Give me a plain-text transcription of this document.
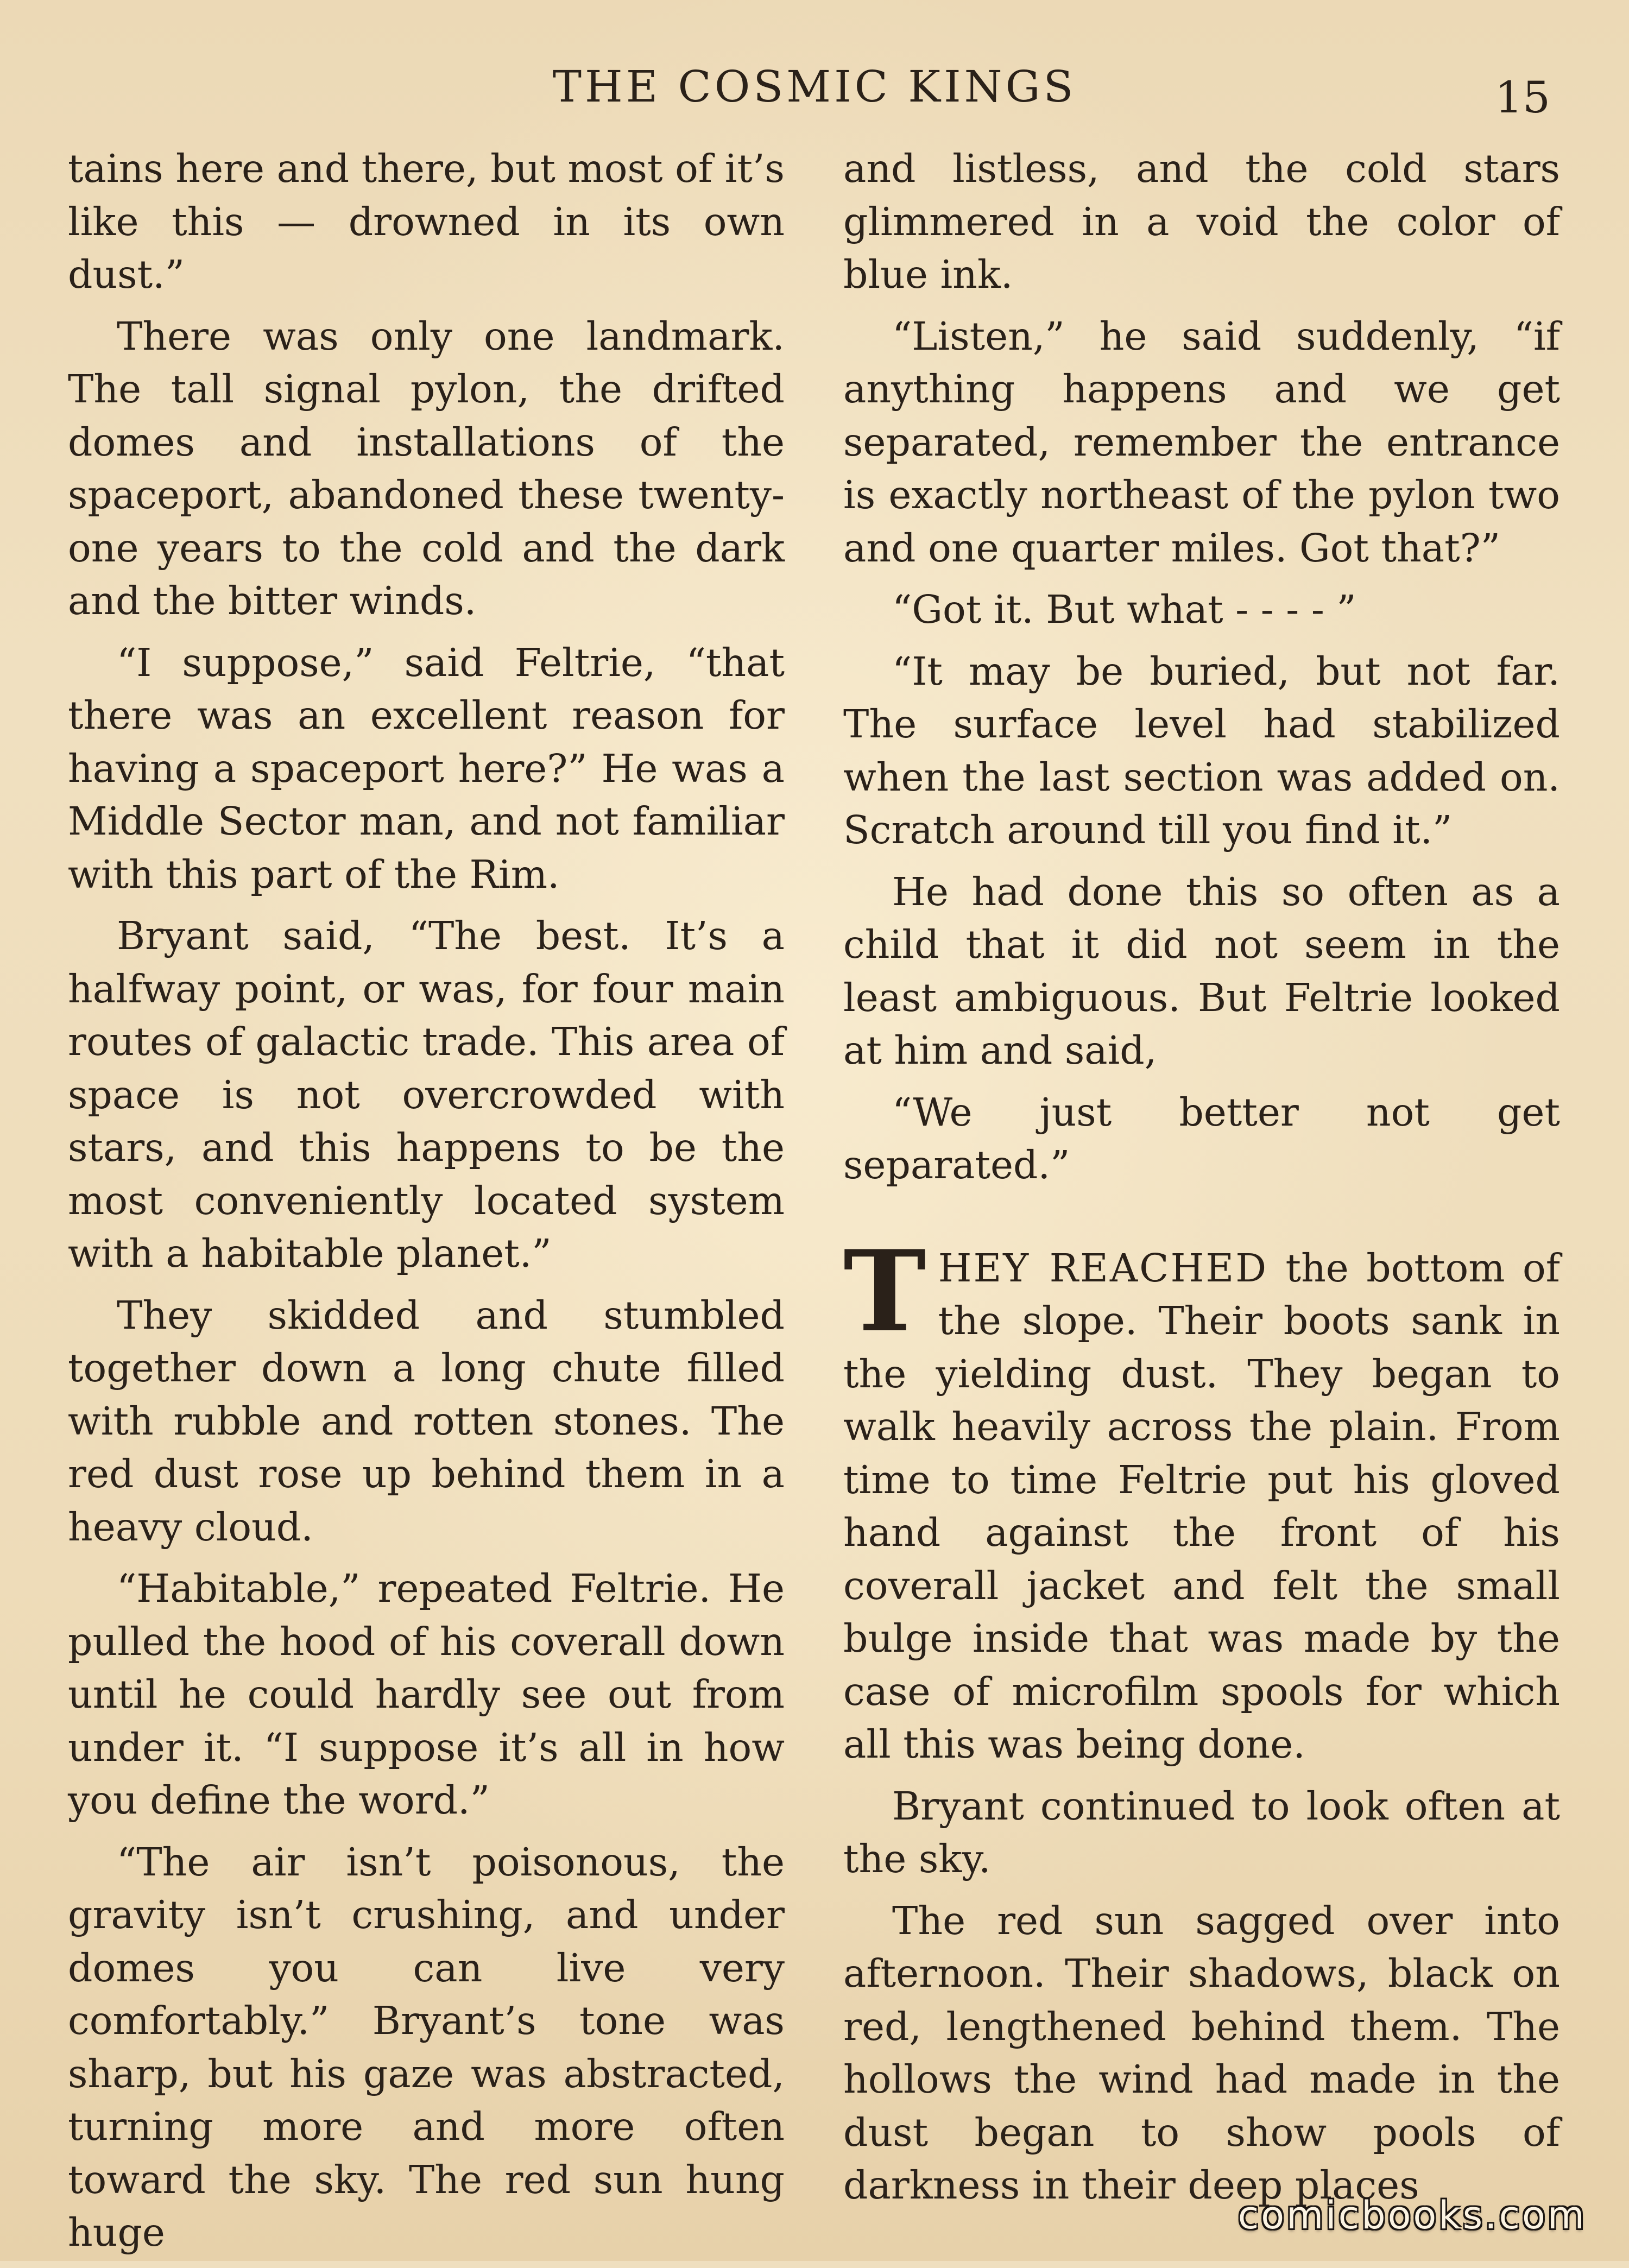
THE COSMIC KINGS	15

tains here and there, but most of it’s like this — drowned in its own dust.”

There was only one landmark. The tall signal pylon, the drifted domes and installations of the spaceport, abandoned these twenty-one years to the cold and the dark and the bitter winds.

“I suppose,” said Feltrie, “that there was an excellent reason for having a spaceport here?” He was a Middle Sector man, and not familiar with this part of the Rim.

Bryant said, “The best. It’s a halfway point, or was, for four main routes of galactic trade. This area of space is not overcrowded with stars, and this happens to be the most conveniently located system with a habitable planet.”

They skidded and stumbled together down a long chute filled with rubble and rotten stones. The red dust rose up behind them in a heavy cloud.

“Habitable,” repeated Feltrie. He pulled the hood of his coverall down until he could hardly see out from under it. “I suppose it’s all in how you define the word.”

“The air isn’t poisonous, the gravity isn’t crushing, and under domes you can live very comfortably.” Bryant’s tone was sharp, but his gaze was abstracted, turning more and more often toward the sky. The red sun hung huge

and listless, and the cold stars glimmered in a void the color of blue ink.

“Listen,” he said suddenly, “if anything happens and we get separated, remember the entrance is exactly northeast of the pylon two and one quarter miles. Got that?”

“Got it. But what - - - - ”

“It may be buried, but not far. The surface level had stabilized when the last section was added on. Scratch around till you find it.”

He had done this so often as a child that it did not seem in the least ambiguous. But Feltrie looked at him and said,

“We just better not get separated.”

THEY REACHED the bottom of the slope. Their boots sank in the yielding dust. They began to walk heavily across the plain. From time to time Feltrie put his gloved hand against the front of his coverall jacket and felt the small bulge inside that was made by the case of microfilm spools for which all this was being done.

Bryant continued to look often at the sky.

The red sun sagged over into afternoon. Their shadows, black on red, lengthened behind them. The hollows the wind had made in the dust began to show pools of darkness in their deep places

comicbooks.com
